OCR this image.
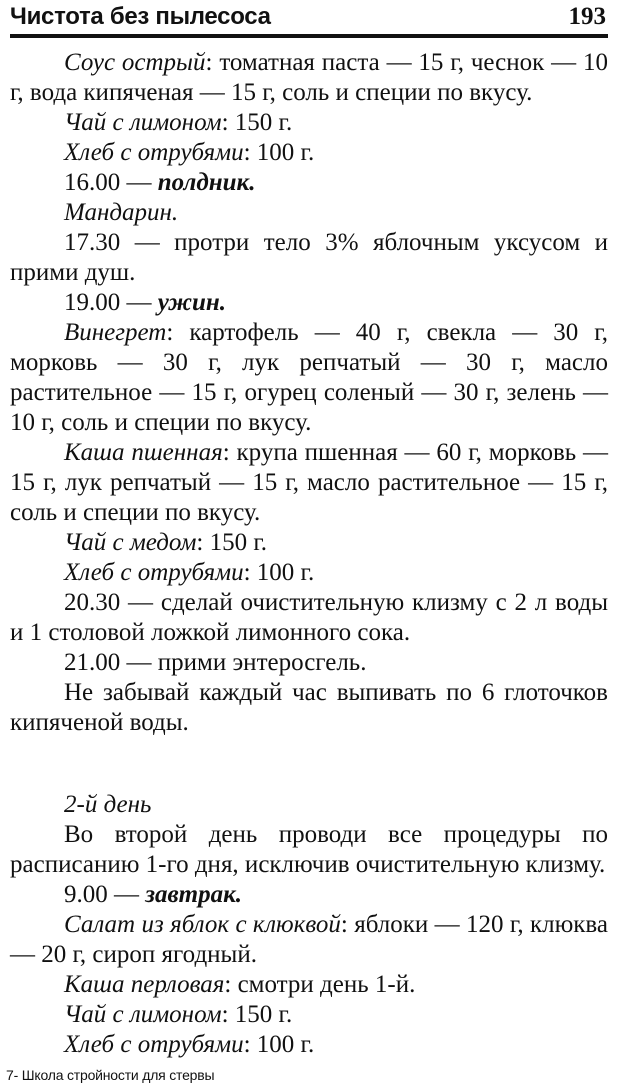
Чистота без пылесоса	193

Соус острый: томатная паста — 15 г, чеснок — 10 г, вода кипяченая — 15 г, соль и специи по вкусу.

Чай с лимоном: 150 г.

Хлеб с отрубями: 100 г.

16.00 — полдник.

Мандарин.

17.30 — протри тело 3% яблочным уксусом и прими душ.

19.00 — ужин.

Винегрет: картофель — 40 г, свекла — 30 г, морковь — 30 г, лук репчатый — 30 г, масло растительное — 15 г, огурец соленый — 30 г, зелень — 10 г, соль и специи по вкусу.

Каша пшенная: крупа пшенная — 60 г, морковь — 15 г, лук репчатый — 15 г, масло растительное — 15 г, соль и специи по вкусу.

Чай с медом: 150 г.

Хлеб с отрубями: 100 г.

20.30 — сделай очистительную клизму с 2 л воды и 1 столовой ложкой лимонного сока.

21.00 — прими энтеросгель.

Не забывай каждый час выпивать по 6 глоточков кипяченой воды.

2-й день

Во второй день проводи все процедуры по расписанию 1-го дня, исключив очистительную клизму.

9.00 — завтрак.

Салат из яблок с клюквой: яблоки — 120 г, клюква — 20 г, сироп ягодный.

Каша перловая: смотри день 1-й.

Чай с лимоном: 150 г.

Хлеб с отрубями: 100 г.

7- Школа стройности для стервы
